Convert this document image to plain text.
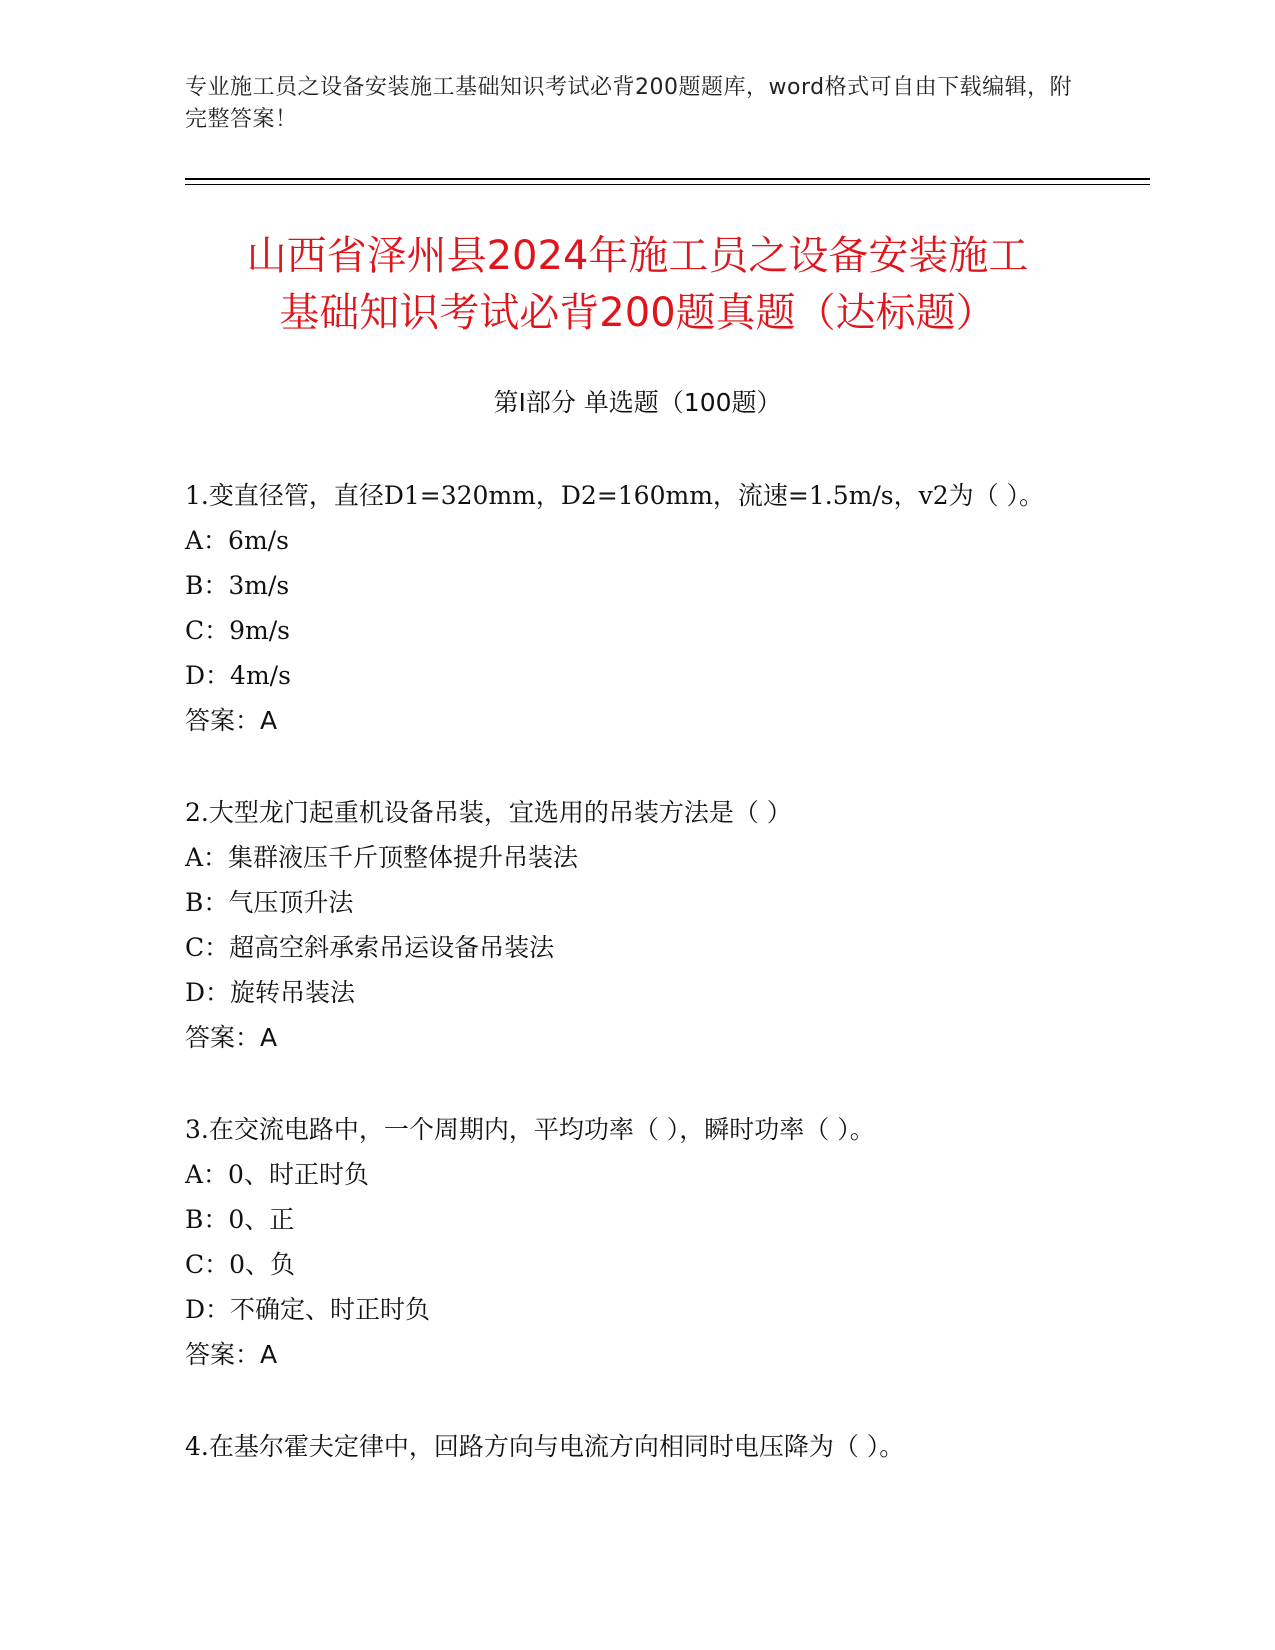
专业施工员之设备安装施工基础知识考试必背200题题库，word格式可自由下载编辑，附完整答案！
山西省泽州县2024年施工员之设备安装施工
基础知识考试必背200题真题（达标题）
第I部分 单选题（100题）
1.变直径管，直径D1=320mm，D2=160mm，流速=1.5m/s，v2为（ ）。
A：6m/s
B：3m/s
C：9m/s
D：4m/s
答案：A
2.大型龙门起重机设备吊装，宜选用的吊装方法是（ ）
A：集群液压千斤顶整体提升吊装法
B：气压顶升法
C：超高空斜承索吊运设备吊装法
D：旋转吊装法
答案：A
3.在交流电路中，一个周期内，平均功率（ ），瞬时功率（ ）。
A：0、时正时负
B：0、正
C：0、负
D：不确定、时正时负
答案：A
4.在基尔霍夫定律中，回路方向与电流方向相同时电压降为（ ）。
